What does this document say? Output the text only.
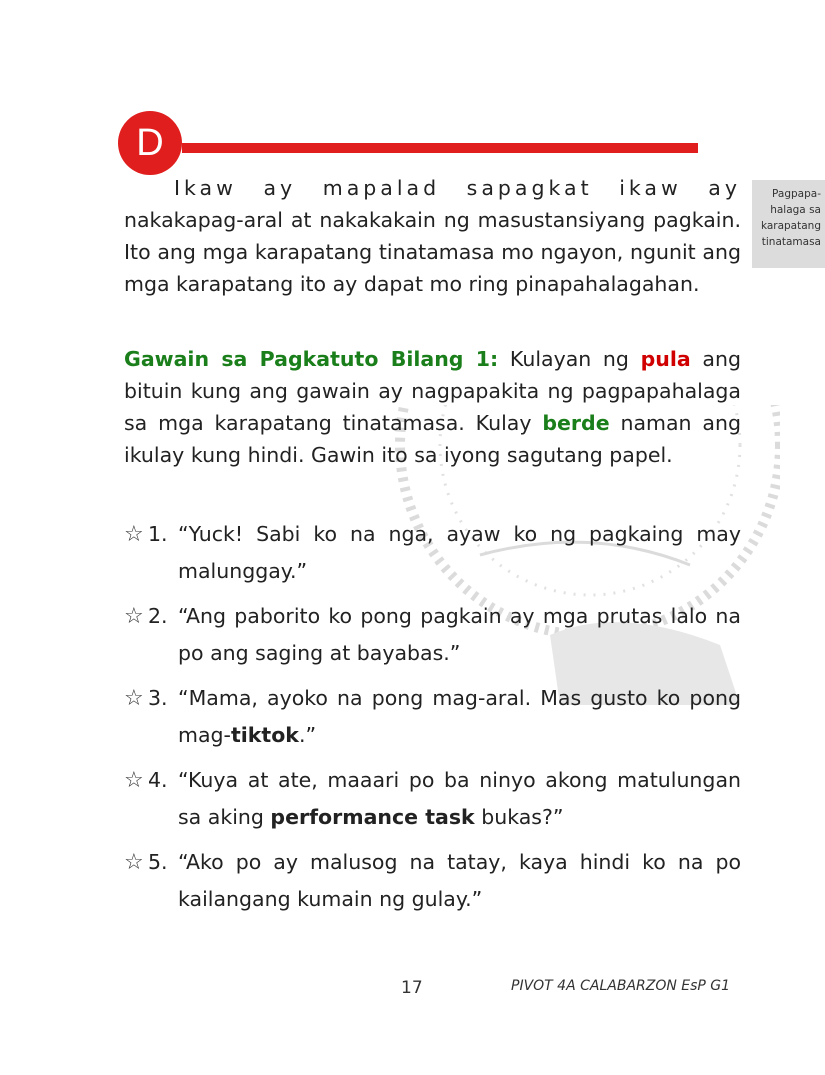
D
Pagpapa-
halaga sa
karapatang
tinatamasa
Ikaw ay mapalad sapagkat ikaw ay nakakapag-aral at nakakakain ng masustansiyang pagkain. Ito ang mga karapatang tinatamasa mo ngayon, ngunit ang mga karapatang ito ay dapat mo ring pinapahalagahan.
Gawain sa Pagkatuto Bilang 1: Kulayan ng pula ang bituin kung ang gawain ay nagpapakita ng pagpapahalaga sa mga karapatang tinatamasa. Kulay berde naman ang ikulay kung hindi. Gawin ito sa iyong sagutang papel.
☆ 1. “Yuck! Sabi ko na nga, ayaw ko ng pagkaing may malunggay.”
☆ 2. “Ang paborito ko pong pagkain ay mga prutas lalo na po ang saging at bayabas.”
☆ 3. “Mama, ayoko na pong mag-aral. Mas gusto ko pong mag-tiktok.”
☆ 4. “Kuya at ate, maaari po ba ninyo akong matulungan sa aking performance task bukas?”
☆ 5. “Ako po ay malusog na tatay, kaya hindi ko na po kailangang kumain ng gulay.”
17	PIVOT 4A CALABARZON EsP G1
